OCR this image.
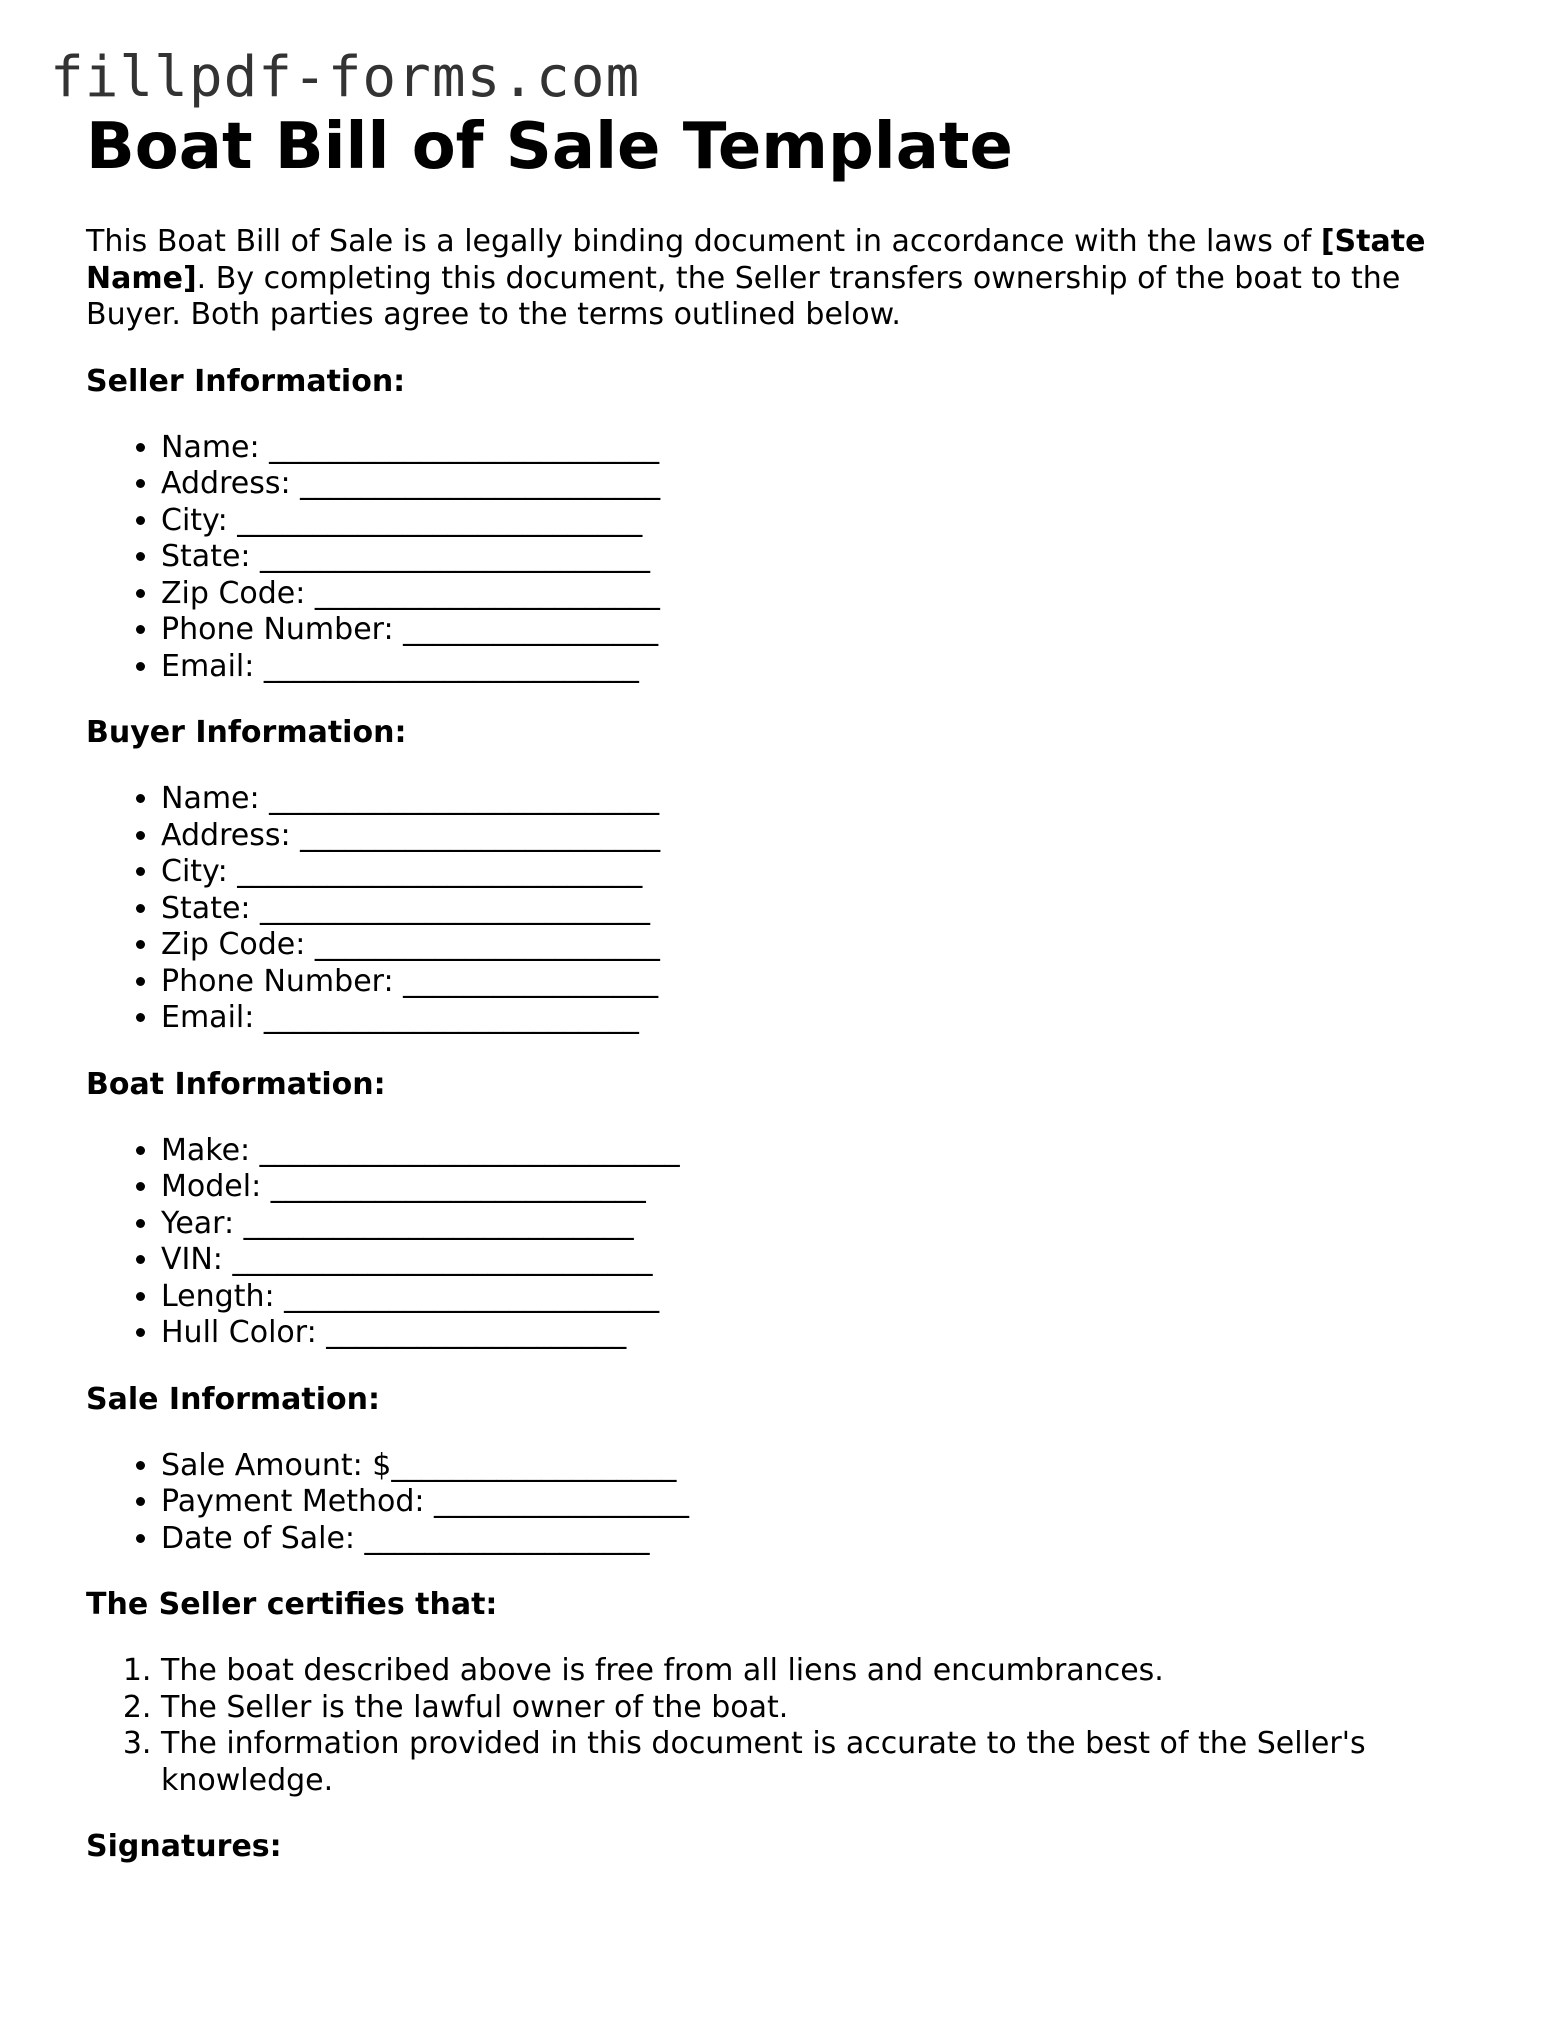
fillpdf-forms.com
Boat Bill of Sale Template

This Boat Bill of Sale is a legally binding document in accordance with the laws of [State Name]. By completing this document, the Seller transfers ownership of the boat to the Buyer. Both parties agree to the terms outlined below.

Seller Information:
• Name: __________________________
• Address: ________________________
• City: ___________________________
• State: __________________________
• Zip Code: _______________________
• Phone Number: _________________
• Email: _________________________
Buyer Information:
• Name: __________________________
• Address: ________________________
• City: ___________________________
• State: __________________________
• Zip Code: _______________________
• Phone Number: _________________
• Email: _________________________
Boat Information:
• Make: ____________________________
• Model: _________________________
• Year: __________________________
• VIN: ____________________________
• Length: _________________________
• Hull Color: ____________________
Sale Information:
• Sale Amount: $___________________
• Payment Method: _________________
• Date of Sale: ___________________
The Seller certifies that:
1. The boat described above is free from all liens and encumbrances.
2. The Seller is the lawful owner of the boat.
3. The information provided in this document is accurate to the best of the Seller's knowledge.
Signatures:
